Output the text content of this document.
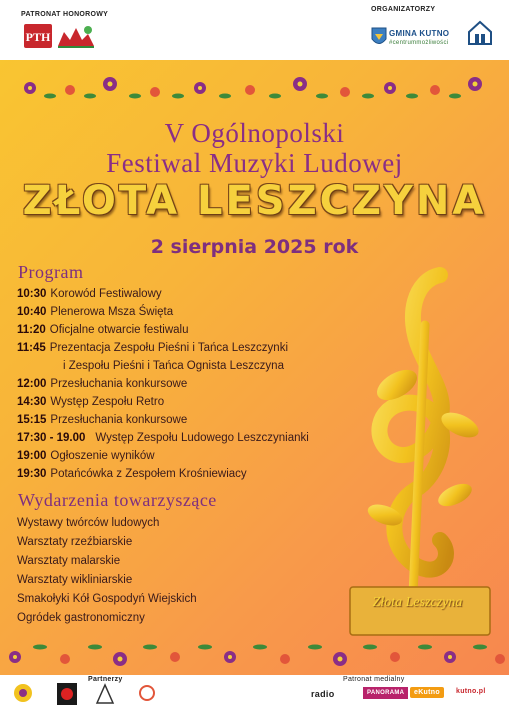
PATRONAT HONOROWY
PTH
ORGANIZATORZY
GMINA KUTNO
#centrummożliwości
V Ogólnopolski
Festiwal Muzyki Ludowej
ZŁOTA LESZCZYNA
2 sierpnia 2025 rok
Program
10:30 Korowód Festiwalowy
10:40 Plenerowa Msza Święta
11:20 Oficjalne otwarcie festiwalu
11:45 Prezentacja Zespołu Pieśni i Tańca Leszczynki
i Zespołu Pieśni i Tańca Ognista Leszczyna
12:00 Przesłuchania konkursowe
14:30 Występ Zespołu Retro
15:15 Przesłuchania konkursowe
17:30 - 19.00 Występ Zespołu Ludowego Leszczynianki
19:00 Ogłoszenie wyników
19:30 Potańcówka z Zespołem Krośniewiacy
Wydarzenia towarzyszące
Wystawy twórców ludowych
Warsztaty rzeźbiarskie
Warsztaty malarskie
Warsztaty wikliniarskie
Smakołyki Kół Gospodyń Wiejskich
Ogródek gastronomiczny
Złota Leszczyna
Partnerzy	Patronat medialny
radio	PANORAMA	eKutno	kutno.pl
